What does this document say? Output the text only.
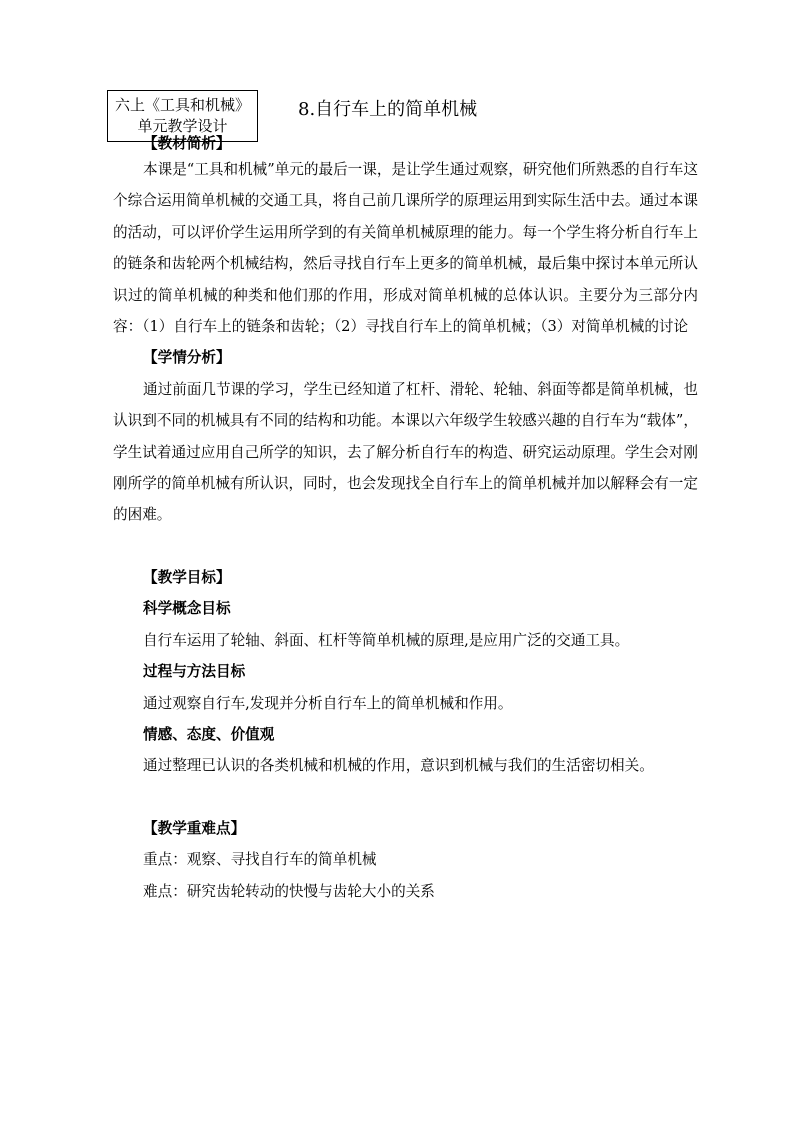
六上《工具和机械》
单元教学设计
8.自行车上的简单机械
【教材简析】

本课是“工具和机械”单元的最后一课，是让学生通过观察，研究他们所熟悉的自行车这个综合运用简单机械的交通工具，将自己前几课所学的原理运用到实际生活中去。通过本课的活动，可以评价学生运用所学到的有关简单机械原理的能力。每一个学生将分析自行车上的链条和齿轮两个机械结构，然后寻找自行车上更多的简单机械，最后集中探讨本单元所认识过的简单机械的种类和他们那的作用，形成对简单机械的总体认识。主要分为三部分内容：（1）自行车上的链条和齿轮；（2）寻找自行车上的简单机械；（3）对简单机械的讨论

【学情分析】

通过前面几节课的学习，学生已经知道了杠杆、滑轮、轮轴、斜面等都是简单机械，也认识到不同的机械具有不同的结构和功能。本课以六年级学生较感兴趣的自行车为“载体”，学生试着通过应用自己所学的知识，去了解分析自行车的构造、研究运动原理。学生会对刚刚所学的简单机械有所认识，同时，也会发现找全自行车上的简单机械并加以解释会有一定的困难。

【教学目标】
科学概念目标

自行车运用了轮轴、斜面、杠杆等简单机械的原理,是应用广泛的交通工具。

过程与方法目标

通过观察自行车,发现并分析自行车上的简单机械和作用。

情感、态度、价值观

通过整理已认识的各类机械和机械的作用，意识到机械与我们的生活密切相关。

【教学重难点】

重点：观察、寻找自行车的简单机械

难点：研究齿轮转动的快慢与齿轮大小的关系
